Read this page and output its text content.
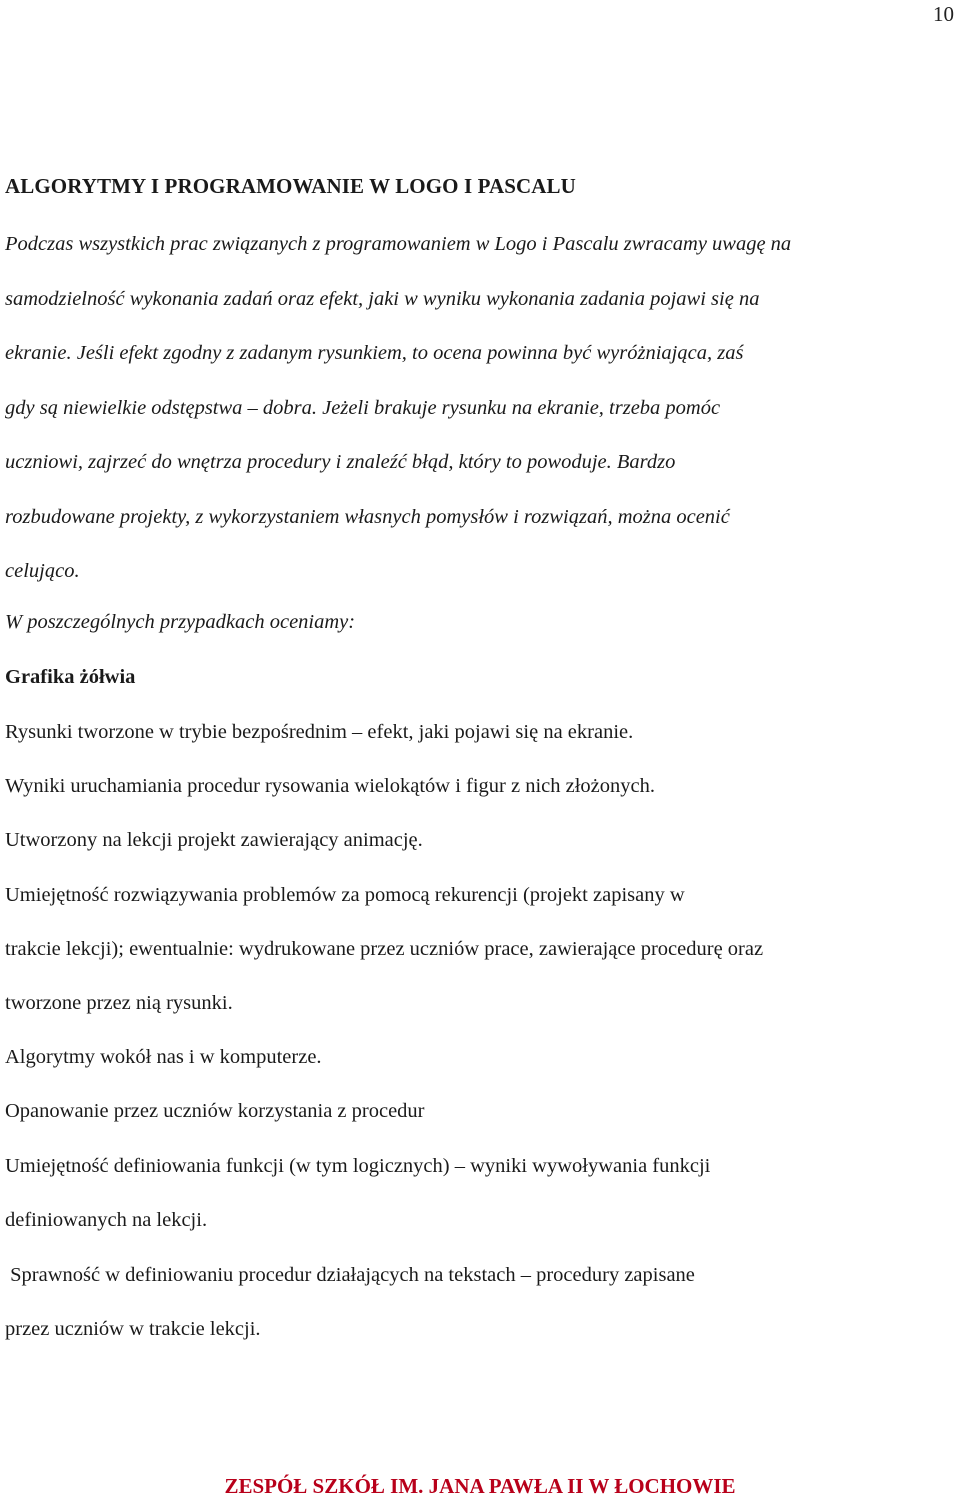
10
ALGORYTMY I PROGRAMOWANIE W LOGO I PASCALU
Podczas wszystkich prac związanych z programowaniem w Logo i Pascalu zwracamy uwagę na
samodzielność wykonania zadań oraz efekt, jaki w wyniku wykonania zadania pojawi się na
ekranie. Jeśli efekt zgodny z zadanym rysunkiem, to ocena powinna być wyróżniająca, zaś
gdy są niewielkie odstępstwa – dobra. Jeżeli brakuje rysunku na ekranie, trzeba pomóc
uczniowi, zajrzeć do wnętrza procedury i znaleźć błąd, który to powoduje. Bardzo
rozbudowane projekty, z wykorzystaniem własnych pomysłów i rozwiązań, można ocenić
celująco.
W poszczególnych przypadkach oceniamy:
Grafika żółwia
Rysunki tworzone w trybie bezpośrednim – efekt, jaki pojawi się na ekranie.
Wyniki uruchamiania procedur rysowania wielokątów i figur z nich złożonych.
Utworzony na lekcji projekt zawierający animację.
Umiejętność rozwiązywania problemów za pomocą rekurencji (projekt zapisany w
trakcie lekcji); ewentualnie: wydrukowane przez uczniów prace, zawierające procedurę oraz
tworzone przez nią rysunki.
Algorytmy wokół nas i w komputerze.
Opanowanie przez uczniów korzystania z procedur
Umiejętność definiowania funkcji (w tym logicznych) – wyniki wywoływania funkcji
definiowanych na lekcji.
Sprawność w definiowaniu procedur działających na tekstach – procedury zapisane
przez uczniów w trakcie lekcji.
ZESPÓŁ SZKÓŁ IM. JANA PAWŁA II W ŁOCHOWIE
